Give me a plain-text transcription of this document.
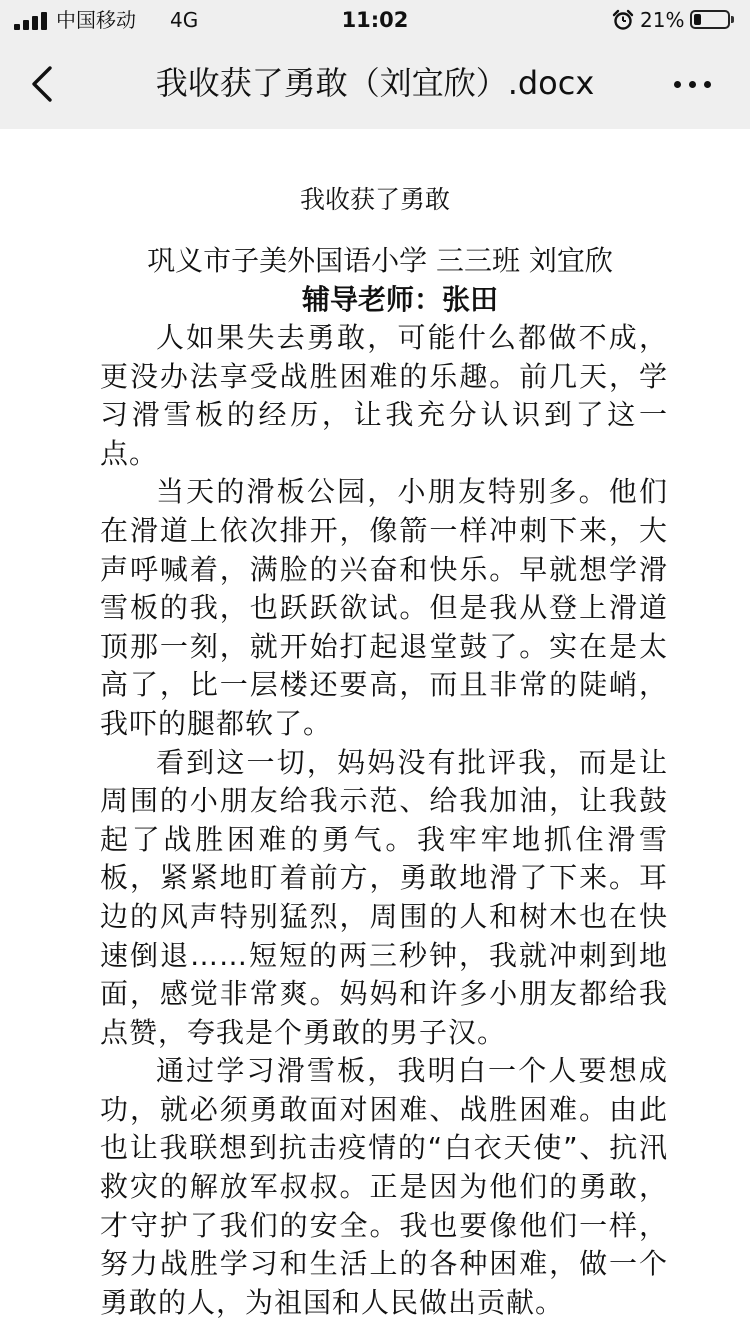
中国移动 4G	11:02	21%
我收获了勇敢（刘宜欣）.docx
我收获了勇敢
巩义市子美外国语小学 三三班 刘宜欣
辅导老师：张田

人如果失去勇敢，可能什么都做不成，更没办法享受战胜困难的乐趣。前几天，学习滑雪板的经历，让我充分认识到了这一点。

当天的滑板公园，小朋友特别多。他们在滑道上依次排开，像箭一样冲刺下来，大声呼喊着，满脸的兴奋和快乐。早就想学滑雪板的我，也跃跃欲试。但是我从登上滑道顶那一刻，就开始打起退堂鼓了。实在是太高了，比一层楼还要高，而且非常的陡峭，我吓的腿都软了。

看到这一切，妈妈没有批评我，而是让周围的小朋友给我示范、给我加油，让我鼓起了战胜困难的勇气。我牢牢地抓住滑雪板，紧紧地盯着前方，勇敢地滑了下来。耳边的风声特别猛烈，周围的人和树木也在快速倒退……短短的两三秒钟，我就冲刺到地面，感觉非常爽。妈妈和许多小朋友都给我点赞，夸我是个勇敢的男子汉。

通过学习滑雪板，我明白一个人要想成功，就必须勇敢面对困难、战胜困难。由此也让我联想到抗击疫情的“白衣天使”、抗汛救灾的解放军叔叔。正是因为他们的勇敢，才守护了我们的安全。我也要像他们一样，努力战胜学习和生活上的各种困难，做一个勇敢的人，为祖国和人民做出贡献。
